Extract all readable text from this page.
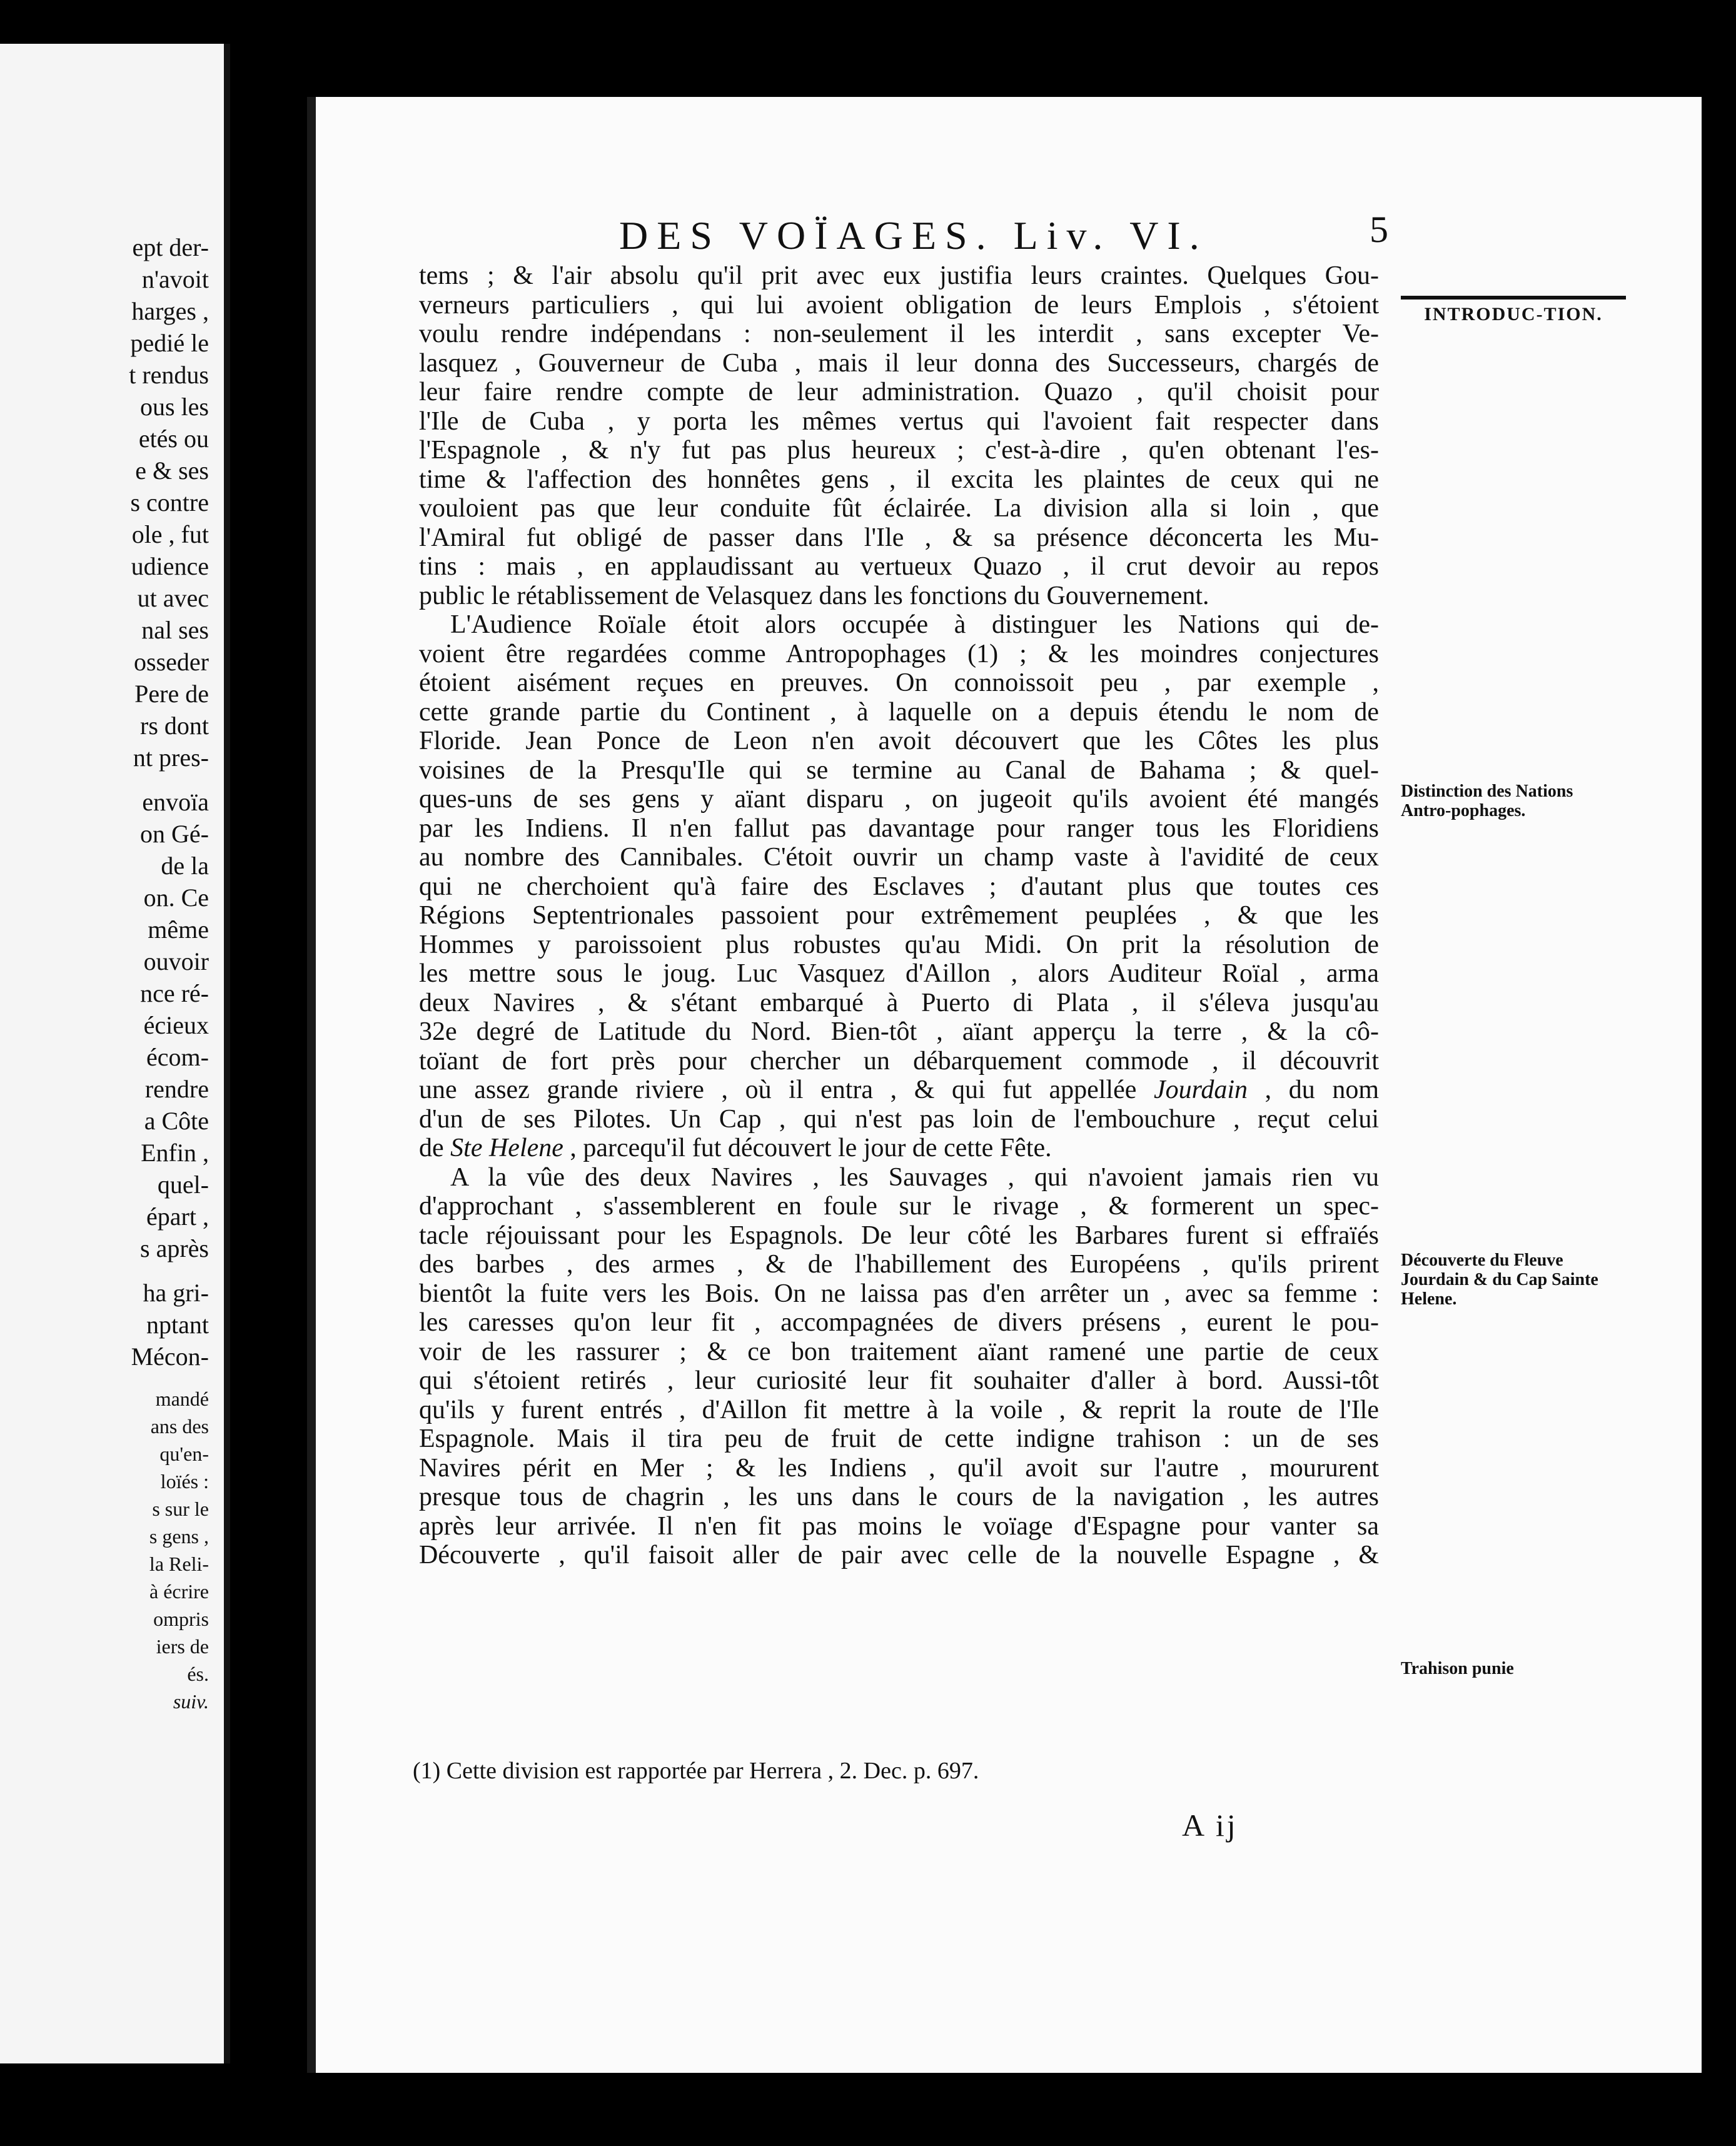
ept der-
n'avoit
harges ,
pedié le
t rendus
ous les
etés ou
e & ses
s contre
ole , fut
udience
ut avec
nal ses
osseder
Pere de
rs dont
nt pres-
envoïa
on Gé-
de la
on. Ce
même
ouvoir
nce ré-
écieux
écom-
rendre
a Côte
Enfin ,
quel-
épart ,
s après
ha gri-
nptant
Mécon-
mandé
ans des
qu'en-
loïés :
s sur le
s gens ,
la Reli-
à écrire
ompris
iers de
és.
suiv.
DES VOÏAGES. Liv. VI.	5
INTRODUC-TION.
Distinction des Nations Antro-pophages.
Découverte du Fleuve Jourdain & du Cap Sainte Helene.
Trahison punie
tems ; & l'air absolu qu'il prit avec eux justifia leurs craintes. Quelques Gou-
verneurs particuliers , qui lui avoient obligation de leurs Emplois , s'étoient
voulu rendre indépendans : non-seulement il les interdit , sans excepter Ve-
lasquez , Gouverneur de Cuba , mais il leur donna des Successeurs, chargés de
leur faire rendre compte de leur administration. Quazo , qu'il choisit pour
l'Ile de Cuba , y porta les mêmes vertus qui l'avoient fait respecter dans
l'Espagnole , & n'y fut pas plus heureux ; c'est-à-dire , qu'en obtenant l'es-
time & l'affection des honnêtes gens , il excita les plaintes de ceux qui ne
vouloient pas que leur conduite fût éclairée. La division alla si loin , que
l'Amiral fut obligé de passer dans l'Ile , & sa présence déconcerta les Mu-
tins : mais , en applaudissant au vertueux Quazo , il crut devoir au repos
public le rétablissement de Velasquez dans les fonctions du Gouvernement.
L'Audience Roïale étoit alors occupée à distinguer les Nations qui de-
voient être regardées comme Antropophages (1) ; & les moindres conjectures
étoient aisément reçues en preuves. On connoissoit peu , par exemple ,
cette grande partie du Continent , à laquelle on a depuis étendu le nom de
Floride. Jean Ponce de Leon n'en avoit découvert que les Côtes les plus
voisines de la Presqu'Ile qui se termine au Canal de Bahama ; & quel-
ques-uns de ses gens y aïant disparu , on jugeoit qu'ils avoient été mangés
par les Indiens. Il n'en fallut pas davantage pour ranger tous les Floridiens
au nombre des Cannibales. C'étoit ouvrir un champ vaste à l'avidité de ceux
qui ne cherchoient qu'à faire des Esclaves ; d'autant plus que toutes ces
Régions Septentrionales passoient pour extrêmement peuplées , & que les
Hommes y paroissoient plus robustes qu'au Midi. On prit la résolution de
les mettre sous le joug. Luc Vasquez d'Aillon , alors Auditeur Roïal , arma
deux Navires , & s'étant embarqué à Puerto di Plata , il s'éleva jusqu'au
32e degré de Latitude du Nord. Bien-tôt , aïant apperçu la terre , & la cô-
toïant de fort près pour chercher un débarquement commode , il découvrit
une assez grande riviere , où il entra , & qui fut appellée Jourdain , du nom
d'un de ses Pilotes. Un Cap , qui n'est pas loin de l'embouchure , reçut celui
de Ste Helene , parcequ'il fut découvert le jour de cette Fête.
A la vûe des deux Navires , les Sauvages , qui n'avoient jamais rien vu
d'approchant , s'assemblerent en foule sur le rivage , & formerent un spec-
tacle réjouissant pour les Espagnols. De leur côté les Barbares furent si effraïés
des barbes , des armes , & de l'habillement des Européens , qu'ils prirent
bientôt la fuite vers les Bois. On ne laissa pas d'en arrêter un , avec sa femme :
les caresses qu'on leur fit , accompagnées de divers présens , eurent le pou-
voir de les rassurer ; & ce bon traitement aïant ramené une partie de ceux
qui s'étoient retirés , leur curiosité leur fit souhaiter d'aller à bord. Aussi-tôt
qu'ils y furent entrés , d'Aillon fit mettre à la voile , & reprit la route de l'Ile
Espagnole. Mais il tira peu de fruit de cette indigne trahison : un de ses
Navires périt en Mer ; & les Indiens , qu'il avoit sur l'autre , moururent
presque tous de chagrin , les uns dans le cours de la navigation , les autres
après leur arrivée. Il n'en fit pas moins le voïage d'Espagne pour vanter sa
Découverte , qu'il faisoit aller de pair avec celle de la nouvelle Espagne , &
(1) Cette division est rapportée par Herrera , 2. Dec. p. 697.
A ij
